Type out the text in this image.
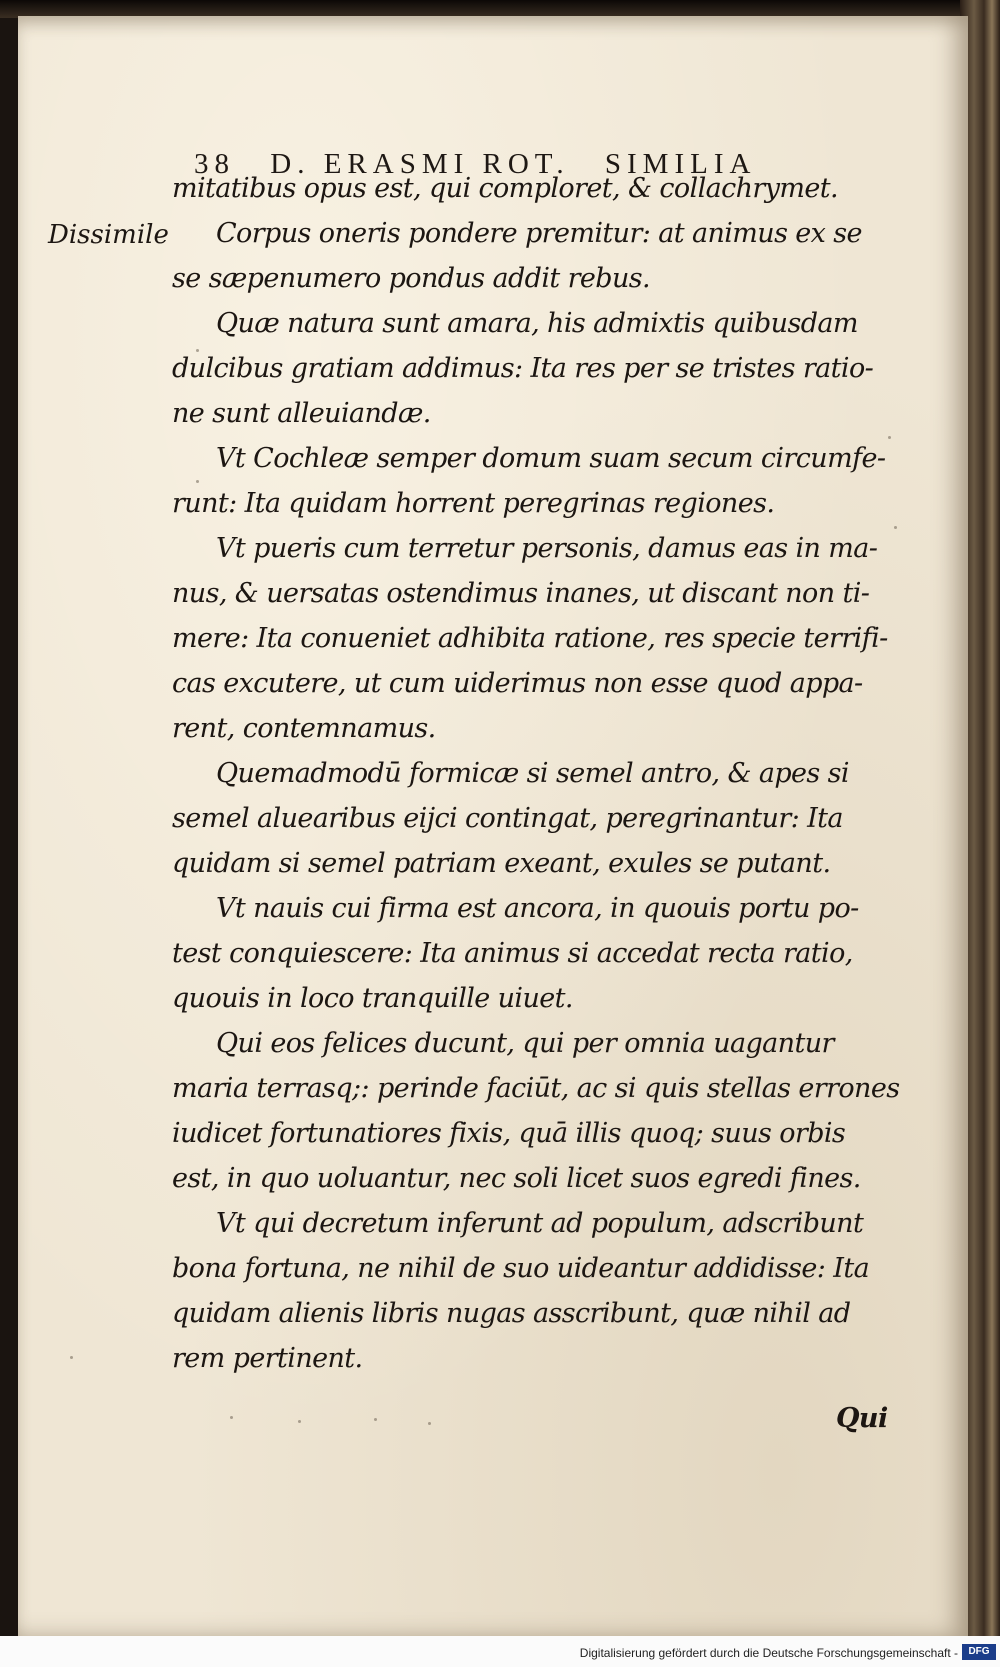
38 D. ERASMI ROT. SIMILIA
Dissimile
mitatibus opus est, qui comploret, & collachrymet.
Corpus oneris pondere premitur: at animus ex se
se sæpenumero pondus addit rebus.
Quæ natura sunt amara, his admixtis quibusdam
dulcibus gratiam addimus: Ita res per se tristes ratio-
ne sunt alleuiandæ.
Vt Cochleæ semper domum suam secum circumfe-
runt: Ita quidam horrent peregrinas regiones.
Vt pueris cum terretur personis, damus eas in ma-
nus, & uersatas ostendimus inanes, ut discant non ti-
mere: Ita conueniet adhibita ratione, res specie terrifi-
cas excutere, ut cum uiderimus non esse quod appa-
rent, contemnamus.
Quemadmodū formicæ si semel antro, & apes si
semel aluearibus eijci contingat, peregrinantur: Ita
quidam si semel patriam exeant, exules se putant.
Vt nauis cui firma est ancora, in quouis portu po-
test conquiescere: Ita animus si accedat recta ratio,
quouis in loco tranquille uiuet.
Qui eos felices ducunt, qui per omnia uagantur
maria terrasq;: perinde faciūt, ac si quis stellas errones
iudicet fortunatiores fixis, quā illis quoq; suus orbis
est, in quo uoluantur, nec soli licet suos egredi fines.
Vt qui decretum inferunt ad populum, adscribunt
bona fortuna, ne nihil de suo uideantur addidisse: Ita
quidam alienis libris nugas asscribunt, quæ nihil ad
rem pertinent.
Qui
Digitalisierung gefördert durch die Deutsche Forschungsgemeinschaft -	DFG
